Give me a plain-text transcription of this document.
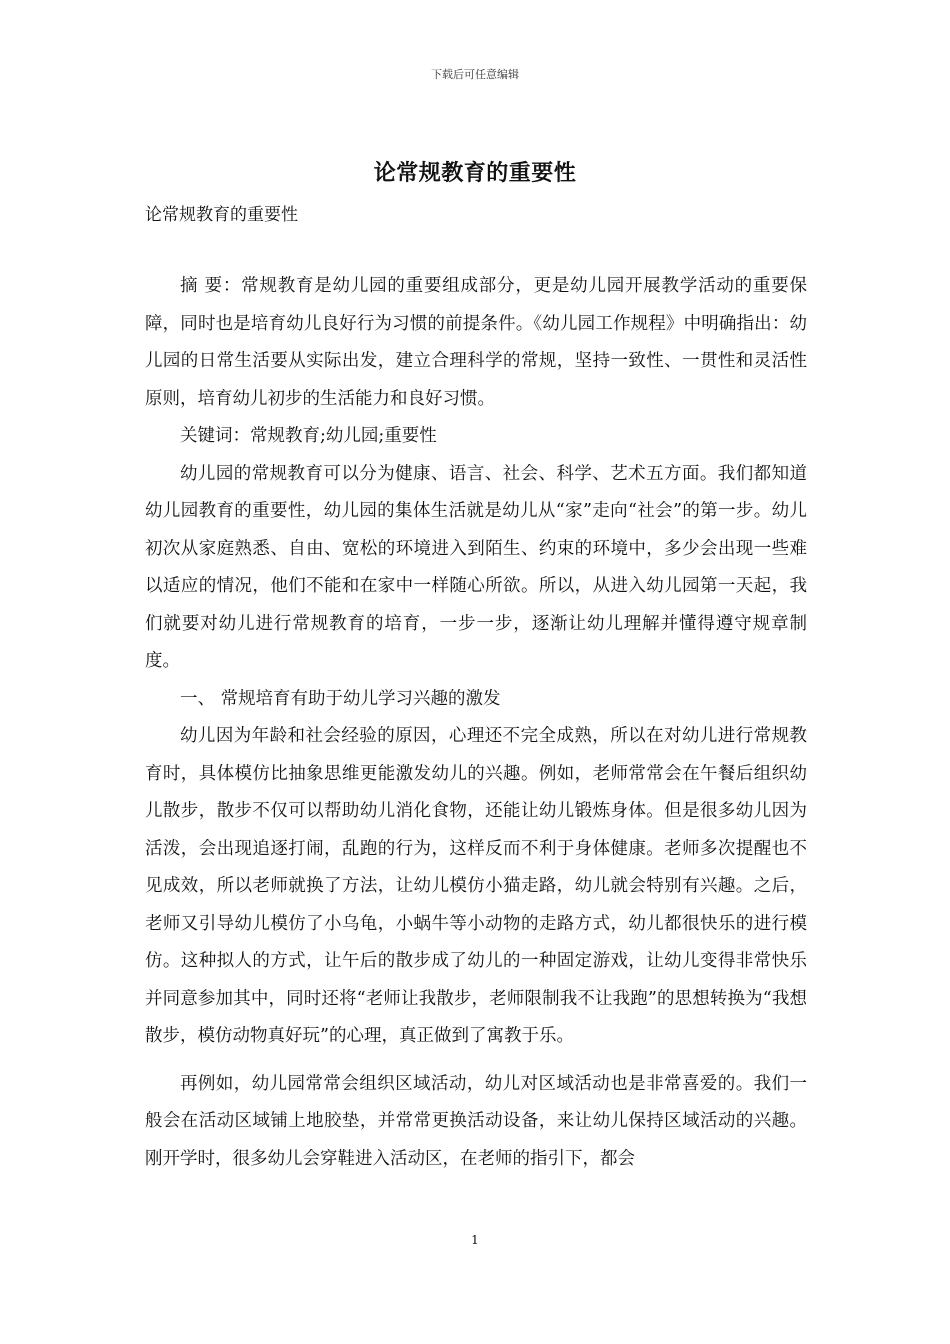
下载后可任意编辑
论常规教育的重要性
论常规教育的重要性

摘 要：常规教育是幼儿园的重要组成部分，更是幼儿园开展教学活动的重要保障，同时也是培育幼儿良好行为习惯的前提条件。《幼儿园工作规程》中明确指出：幼儿园的日常生活要从实际出发，建立合理科学的常规，坚持一致性、一贯性和灵活性原则，培育幼儿初步的生活能力和良好习惯。

关键词：常规教育;幼儿园;重要性

幼儿园的常规教育可以分为健康、语言、社会、科学、艺术五方面。我们都知道幼儿园教育的重要性，幼儿园的集体生活就是幼儿从“家”走向“社会”的第一步。幼儿初次从家庭熟悉、自由、宽松的环境进入到陌生、约束的环境中，多少会出现一些难以适应的情况，他们不能和在家中一样随心所欲。所以，从进入幼儿园第一天起，我们就要对幼儿进行常规教育的培育，一步一步，逐渐让幼儿理解并懂得遵守规章制度。

一、 常规培育有助于幼儿学习兴趣的激发

幼儿因为年龄和社会经验的原因，心理还不完全成熟，所以在对幼儿进行常规教育时，具体模仿比抽象思维更能激发幼儿的兴趣。例如，老师常常会在午餐后组织幼儿散步，散步不仅可以帮助幼儿消化食物，还能让幼儿锻炼身体。但是很多幼儿因为活泼，会出现追逐打闹，乱跑的行为，这样反而不利于身体健康。老师多次提醒也不见成效，所以老师就换了方法，让幼儿模仿小猫走路，幼儿就会特别有兴趣。之后，老师又引导幼儿模仿了小乌龟，小蜗牛等小动物的走路方式，幼儿都很快乐的进行模仿。这种拟人的方式，让午后的散步成了幼儿的一种固定游戏，让幼儿变得非常快乐并同意参加其中，同时还将“老师让我散步，老师限制我不让我跑”的思想转换为“我想散步，模仿动物真好玩”的心理，真正做到了寓教于乐。

再例如，幼儿园常常会组织区域活动，幼儿对区域活动也是非常喜爱的。我们一般会在活动区域铺上地胶垫，并常常更换活动设备，来让幼儿保持区域活动的兴趣。刚开学时，很多幼儿会穿鞋进入活动区，在老师的指引下，都会

1
